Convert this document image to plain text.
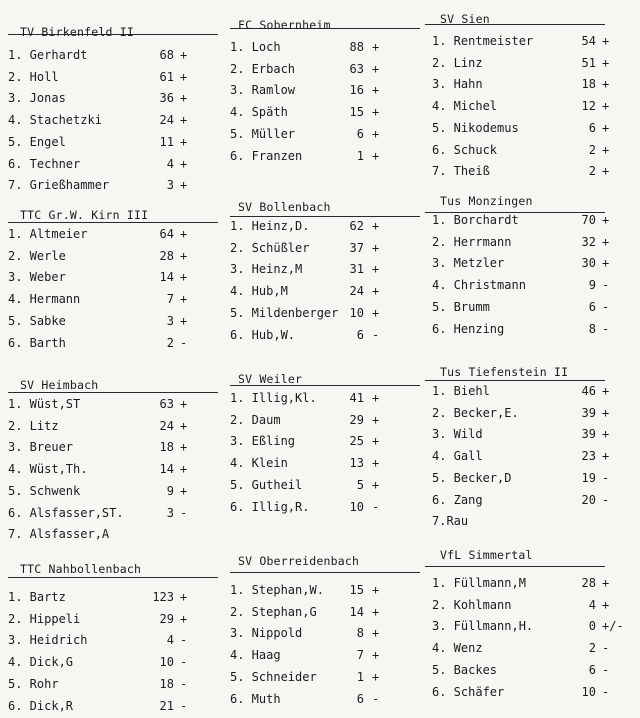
TV Birkenfeld II
1. Gerhardt	68 +
2. Holl	61 +
3. Jonas	36 +
4. Stachetzki	24 +
5. Engel	11 +
6. Techner	4 +
7. Grießhammer	3 +
FC Sobernheim
1. Loch	88 +
2. Erbach	63 +
3. Ramlow	16 +
4. Späth	15 +
5. Müller	6 +
6. Franzen	1 +
SV Sien
1. Rentmeister	54 +
2. Linz	51 +
3. Hahn	18 +
4. Michel	12 +
5. Nikodemus	6 +
6. Schuck	2 +
7. Theiß	2 +
TTC Gr.W. Kirn III
1. Altmeier	64 +
2. Werle	28 +
3. Weber	14 +
4. Hermann	7 +
5. Sabke	3 +
6. Barth	2 -
SV Bollenbach
1. Heinz,D.	62 +
2. Schüßler	37 +
3. Heinz,M	31 +
4. Hub,M	24 +
5. Mildenberger 10 +
6. Hub,W.	6 -
Tus Monzingen
1. Borchardt	70 +
2. Herrmann	32 +
3. Metzler	30 +
4. Christmann	9 -
5. Brumm	6 -
6. Henzing	8 -
SV Heimbach
1. Wüst,ST	63 +
2. Litz	24 +
3. Breuer	18 +
4. Wüst,Th.	14 +
5. Schwenk	9 +
6. Alsfasser,ST.	3 -
7. Alsfasser,A
SV Weiler
1. Illig,Kl.	41 +
2. Daum	29 +
3. Eßling	25 +
4. Klein	13 +
5. Gutheil	5 +
6. Illig,R.	10 -
Tus Tiefenstein II
1. Biehl	46 +
2. Becker,E.	39 +
3. Wild	39 +
4. Gall	23 +
5. Becker,D	19 -
6. Zang	20 -
7.Rau
TTC Nahbollenbach
1. Bartz	123 +
2. Hippeli	29 +
3. Heidrich	4 -
4. Dick,G	10 -
5. Rohr	18 -
6. Dick,R	21 -
SV Oberreidenbach
1. Stephan,W.	15 +
2. Stephan,G	14 +
3. Nippold	8 +
4. Haag	7 +
5. Schneider	1 +
6. Muth	6 -
VfL Simmertal
1. Füllmann,M	28 +
2. Kohlmann	4 +
3. Füllmann,H.	0 +/-
4. Wenz	2 -
5. Backes	6 -
6. Schäfer	10 -
